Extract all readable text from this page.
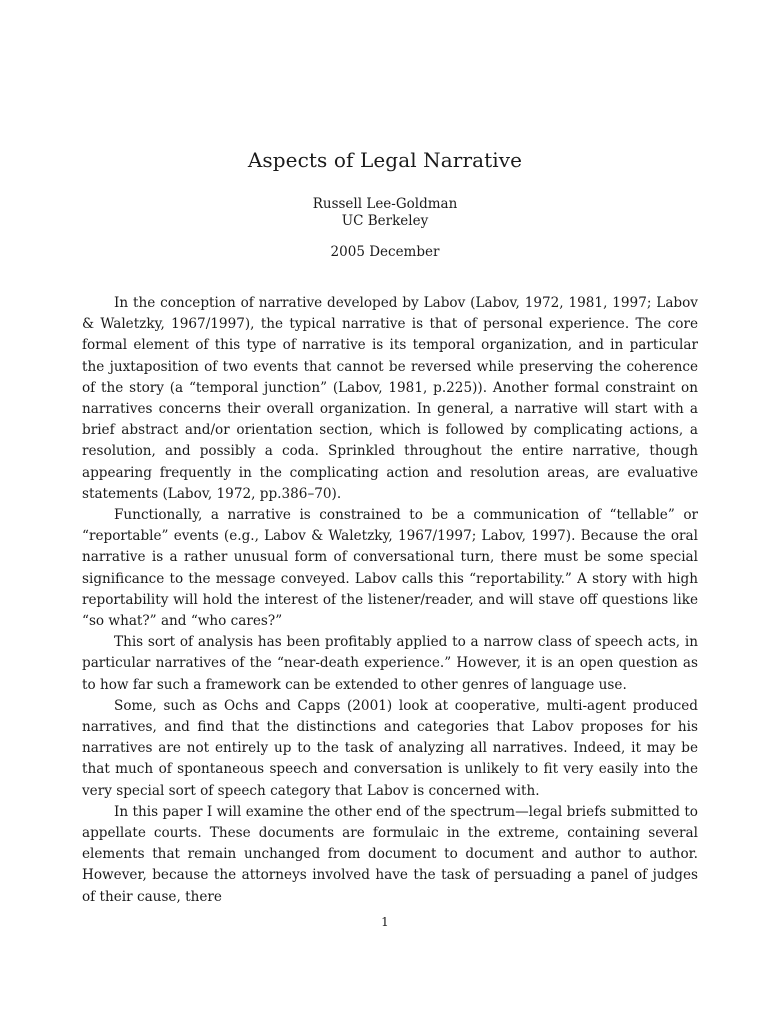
Aspects of Legal Narrative
Russell Lee-Goldman
UC Berkeley
2005 December

In the conception of narrative developed by Labov (Labov, 1972, 1981, 1997; Labov & Waletzky, 1967/1997), the typical narrative is that of personal experience. The core formal element of this type of narrative is its temporal organization, and in particular the juxtaposition of two events that cannot be reversed while preserving the coherence of the story (a “temporal junction” (Labov, 1981, p.225)). Another formal constraint on narratives concerns their overall organization. In general, a narrative will start with a brief abstract and/or orientation section, which is followed by complicating actions, a resolution, and possibly a coda. Sprinkled throughout the entire narrative, though appearing frequently in the complicating action and resolution areas, are evaluative statements (Labov, 1972, pp.386–70).

Functionally, a narrative is constrained to be a communication of “tellable” or “reportable” events (e.g., Labov & Waletzky, 1967/1997; Labov, 1997). Because the oral narrative is a rather unusual form of conversational turn, there must be some special significance to the message conveyed. Labov calls this “reportability.” A story with high reportability will hold the interest of the listener/reader, and will stave off questions like “so what?” and “who cares?”

This sort of analysis has been profitably applied to a narrow class of speech acts, in particular narratives of the “near-death experience.” However, it is an open question as to how far such a framework can be extended to other genres of language use.

Some, such as Ochs and Capps (2001) look at cooperative, multi-agent produced narratives, and find that the distinctions and categories that Labov proposes for his narratives are not entirely up to the task of analyzing all narratives. Indeed, it may be that much of spontaneous speech and conversation is unlikely to fit very easily into the very special sort of speech category that Labov is concerned with.

In this paper I will examine the other end of the spectrum—legal briefs submitted to appellate courts. These documents are formulaic in the extreme, containing several elements that remain unchanged from document to document and author to author. However, because the attorneys involved have the task of persuading a panel of judges of their cause, there

1
